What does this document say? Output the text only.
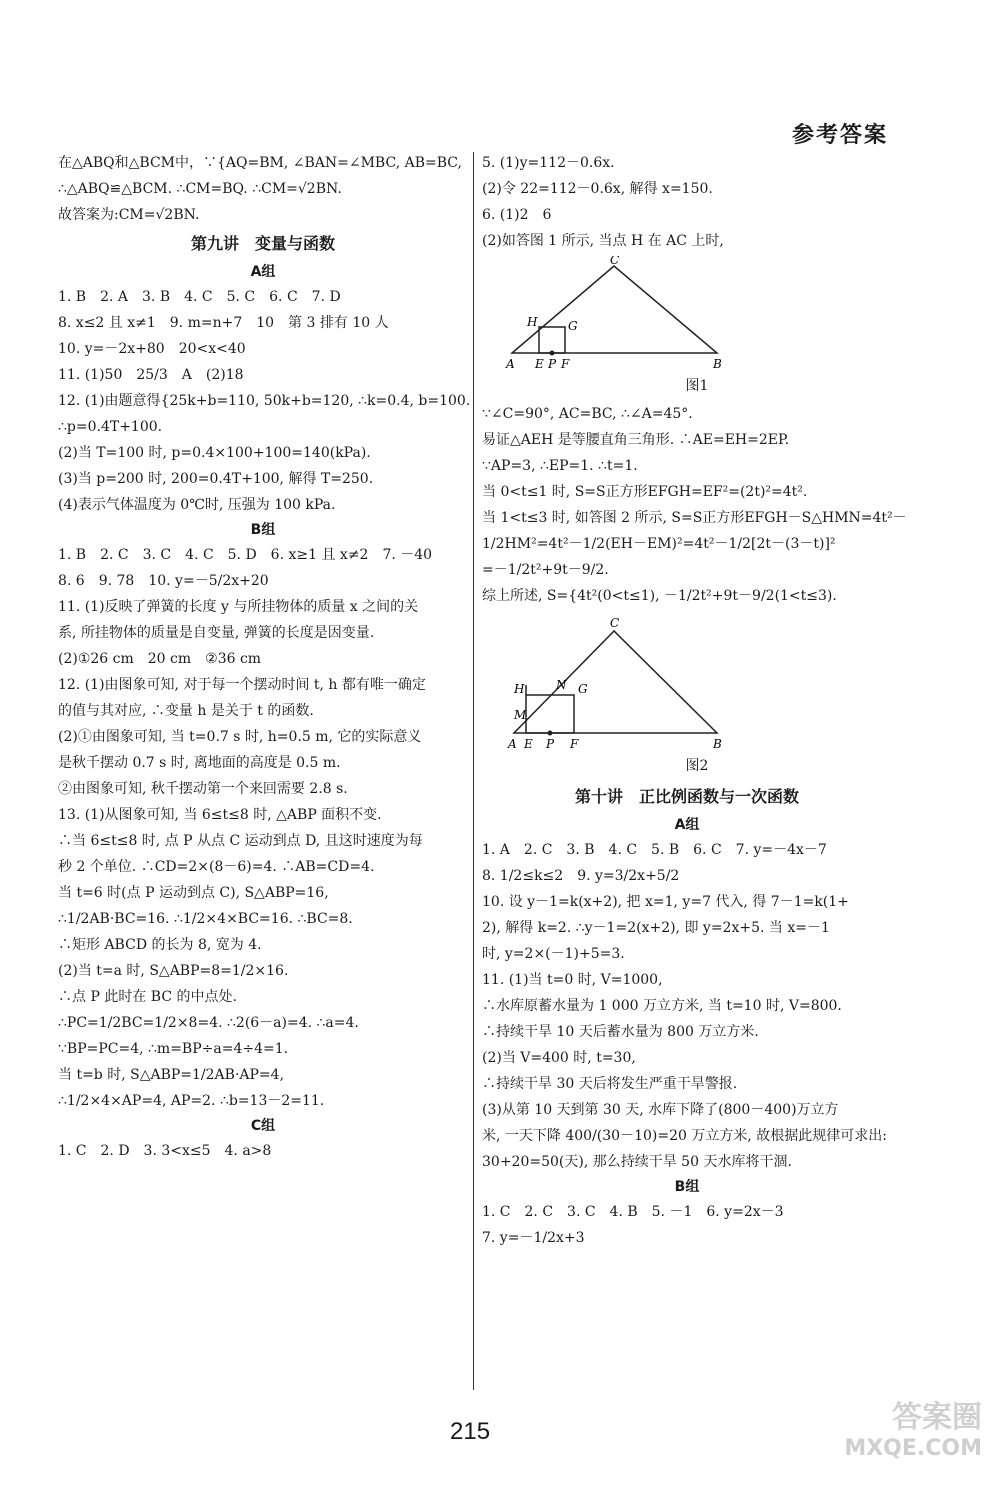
参考答案
在△ABQ和△BCM中，∵{AQ=BM, ∠BAN=∠MBC, AB=BC,
∴△ABQ≌△BCM. ∴CM=BQ. ∴CM=√2BN.
故答案为:CM=√2BN.
第九讲　变量与函数
A组
1. B　2. A　3. B　4. C　5. C　6. C　7. D
8. x≤2 且 x≠1　9. m=n+7　10　第 3 排有 10 人
10. y=－2x+80　20<x<40
11. (1)50　25/3　A　(2)18
12. (1)由题意得{25k+b=110, 50k+b=120, ∴k=0.4, b=100.
∴p=0.4T+100.
(2)当 T=100 时, p=0.4×100+100=140(kPa).
(3)当 p=200 时, 200=0.4T+100, 解得 T=250.
(4)表示气体温度为 0℃时, 压强为 100 kPa.
B组
1. B　2. C　3. C　4. C　5. D　6. x≥1 且 x≠2　7. －40
8. 6　9. 78　10. y=－5/2x+20
11. (1)反映了弹簧的长度 y 与所挂物体的质量 x 之间的关
系, 所挂物体的质量是自变量, 弹簧的长度是因变量.
(2)①26 cm　20 cm　②36 cm
12. (1)由图象可知, 对于每一个摆动时间 t, h 都有唯一确定
的值与其对应, ∴变量 h 是关于 t 的函数.
(2)①由图象可知, 当 t=0.7 s 时, h=0.5 m, 它的实际意义
是秋千摆动 0.7 s 时, 离地面的高度是 0.5 m.
②由图象可知, 秋千摆动第一个来回需要 2.8 s.
13. (1)从图象可知, 当 6≤t≤8 时, △ABP 面积不变.
∴当 6≤t≤8 时, 点 P 从点 C 运动到点 D, 且这时速度为每
秒 2 个单位. ∴CD=2×(8－6)=4. ∴AB=CD=4.
当 t=6 时(点 P 运动到点 C), S△ABP=16,
∴1/2AB·BC=16. ∴1/2×4×BC=16. ∴BC=8.
∴矩形 ABCD 的长为 8, 宽为 4.
(2)当 t=a 时, S△ABP=8=1/2×16.
∴点 P 此时在 BC 的中点处.
∴PC=1/2BC=1/2×8=4. ∴2(6－a)=4. ∴a=4.
∵BP=PC=4, ∴m=BP÷a=4÷4=1.
当 t=b 时, S△ABP=1/2AB·AP=4,
∴1/2×4×AP=4, AP=2. ∴b=13－2=11.
C组
1. C　2. D　3. 3<x≤5　4. a>8
5. (1)y=112－0.6x.
(2)令 22=112－0.6x, 解得 x=150.
6. (1)2　6
(2)如答图 1 所示, 当点 H 在 AC 上时,
C
H	G
A E P F	B
图1
∵∠C=90°, AC=BC, ∴∠A=45°.
易证△AEH 是等腰直角三角形. ∴AE=EH=2EP.
∵AP=3, ∴EP=1. ∴t=1.
当 0<t≤1 时, S=S正方形EFGH=EF²=(2t)²=4t².
当 1<t≤3 时, 如答图 2 所示, S=S正方形EFGH－S△HMN=4t²－
1/2HM²=4t²－1/2(EH－EM)²=4t²－1/2[2t－(3－t)]²
=－1/2t²+9t－9/2.
综上所述, S={4t²(0<t≤1), －1/2t²+9t－9/2(1<t≤3).
C
H	N G
M
A E P F	B
图2
第十讲　正比例函数与一次函数
A组
1. A　2. C　3. B　4. C　5. B　6. C　7. y=－4x－7
8. 1/2≤k≤2　9. y=3/2x+5/2
10. 设 y－1=k(x+2), 把 x=1, y=7 代入, 得 7－1=k(1+
2), 解得 k=2. ∴y－1=2(x+2), 即 y=2x+5. 当 x=－1
时, y=2×(－1)+5=3.
11. (1)当 t=0 时, V=1000,
∴水库原蓄水量为 1 000 万立方米, 当 t=10 时, V=800.
∴持续干旱 10 天后蓄水量为 800 万立方米.
(2)当 V=400 时, t=30,
∴持续干旱 30 天后将发生严重干旱警报.
(3)从第 10 天到第 30 天, 水库下降了(800－400)万立方
米, 一天下降 400/(30－10)=20 万立方米, 故根据此规律可求出:
30+20=50(天), 那么持续干旱 50 天水库将干涸.
B组
1. C　2. C　3. C　4. B　5. －1　6. y=2x－3
7. y=－1/2x+3
215	答案圈
MXQE.COM
